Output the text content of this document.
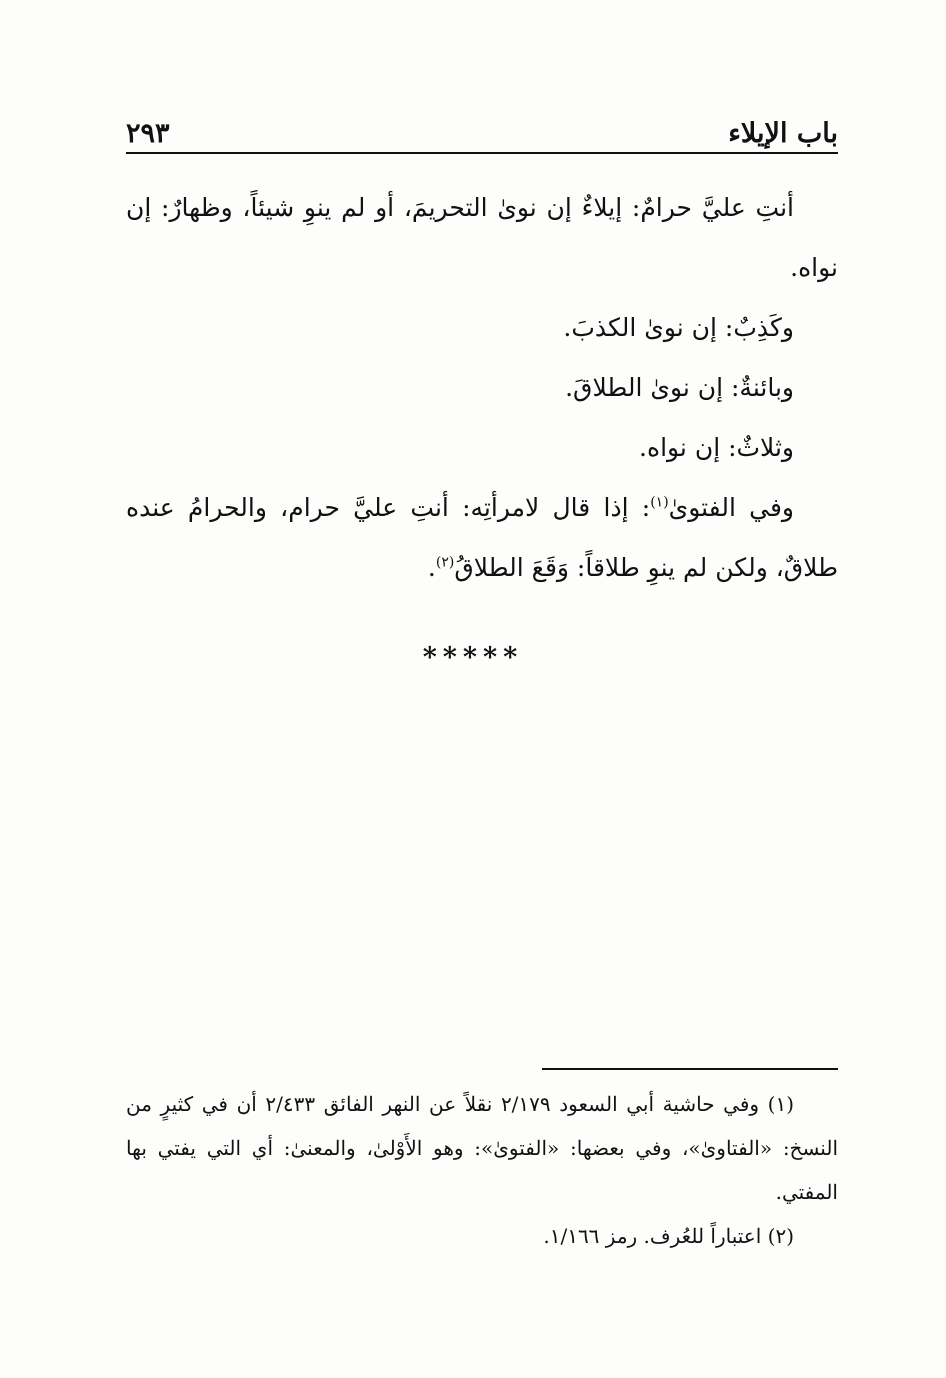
باب الإيلاء
٢٩٣

أنتِ عليَّ حرامٌ: إيلاءٌ إن نوىٰ التحريمَ، أو لم ينوِ شيئاً، وظهارٌ: إن نواه.

وكَذِبٌ: إن نوىٰ الكذبَ.

وبائنةٌ: إن نوىٰ الطلاقَ.

وثلاثٌ: إن نواه.

وفي الفتوىٰ$^{(١)}$: إذا قال لامرأتِه: أنتِ عليَّ حرام، والحرامُ عنده طلاقٌ، ولكن لم ينوِ طلاقاً: وَقَعَ الطلاقُ$^{(٢)}$.

*****

(١) وفي حاشية أبي السعود ٢/١٧٩ نقلاً عن النهر الفائق ٢/٤٣٣ أن في كثيرٍ من النسخ: «الفتاوىٰ»، وفي بعضها: «الفتوىٰ»: وهو الأَوْلىٰ، والمعنىٰ: أي التي يفتي بها المفتي.

(٢) اعتباراً للعُرف. رمز ١/١٦٦.
